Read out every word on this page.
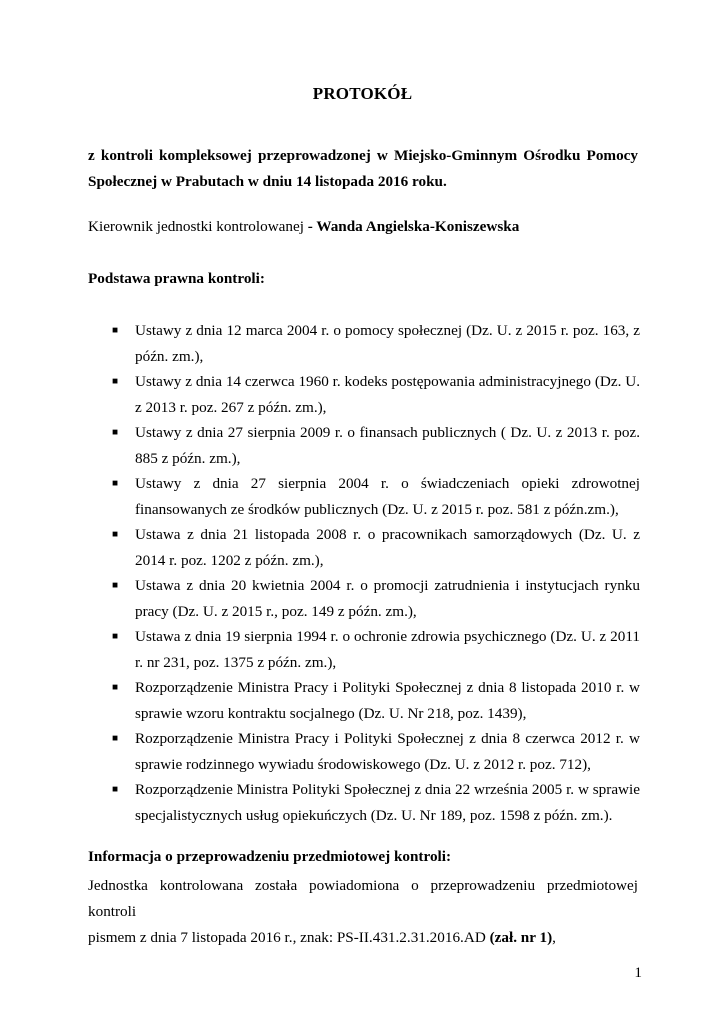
PROTOKÓŁ
z kontroli kompleksowej przeprowadzonej w Miejsko-Gminnym Ośrodku Pomocy
Społecznej w Prabutach w dniu 14 listopada 2016 roku.
Kierownik jednostki kontrolowanej - Wanda Angielska-Koniszewska
Podstawa prawna kontroli:
■ Ustawy z dnia 12 marca 2004 r. o pomocy społecznej (Dz. U. z 2015 r. poz. 163, z późn. zm.),
■ Ustawy z dnia 14 czerwca 1960 r. kodeks postępowania administracyjnego (Dz. U. z 2013 r. poz. 267 z późn. zm.),
■ Ustawy z dnia 27 sierpnia 2009 r. o finansach publicznych ( Dz. U. z 2013 r. poz. 885 z późn. zm.),
■ Ustawy z dnia 27 sierpnia 2004 r. o świadczeniach opieki zdrowotnej finansowanych ze środków publicznych (Dz. U. z 2015 r. poz. 581 z późn.zm.),
■ Ustawa z dnia 21 listopada 2008 r. o pracownikach samorządowych (Dz. U. z 2014 r. poz. 1202 z późn. zm.),
■ Ustawa z dnia 20 kwietnia 2004 r. o promocji zatrudnienia i instytucjach rynku pracy (Dz. U. z 2015 r., poz. 149 z późn. zm.),
■ Ustawa z dnia 19 sierpnia 1994 r. o ochronie zdrowia psychicznego (Dz. U. z 2011 r. nr 231, poz. 1375 z późn. zm.),
■ Rozporządzenie Ministra Pracy i Polityki Społecznej z dnia 8 listopada 2010 r. w sprawie wzoru kontraktu socjalnego (Dz. U. Nr 218, poz. 1439),
■ Rozporządzenie Ministra Pracy i Polityki Społecznej z dnia 8 czerwca 2012 r. w sprawie rodzinnego wywiadu środowiskowego (Dz. U. z 2012 r. poz. 712),
■ Rozporządzenie Ministra Polityki Społecznej z dnia 22 września 2005 r. w sprawie specjalistycznych usług opiekuńczych (Dz. U. Nr 189, poz. 1598 z późn. zm.).
Informacja o przeprowadzeniu przedmiotowej kontroli:
Jednostka kontrolowana została powiadomiona o przeprowadzeniu przedmiotowej kontroli
pismem z dnia 7 listopada 2016 r., znak: PS-II.431.2.31.2016.AD (zał. nr 1),
1
